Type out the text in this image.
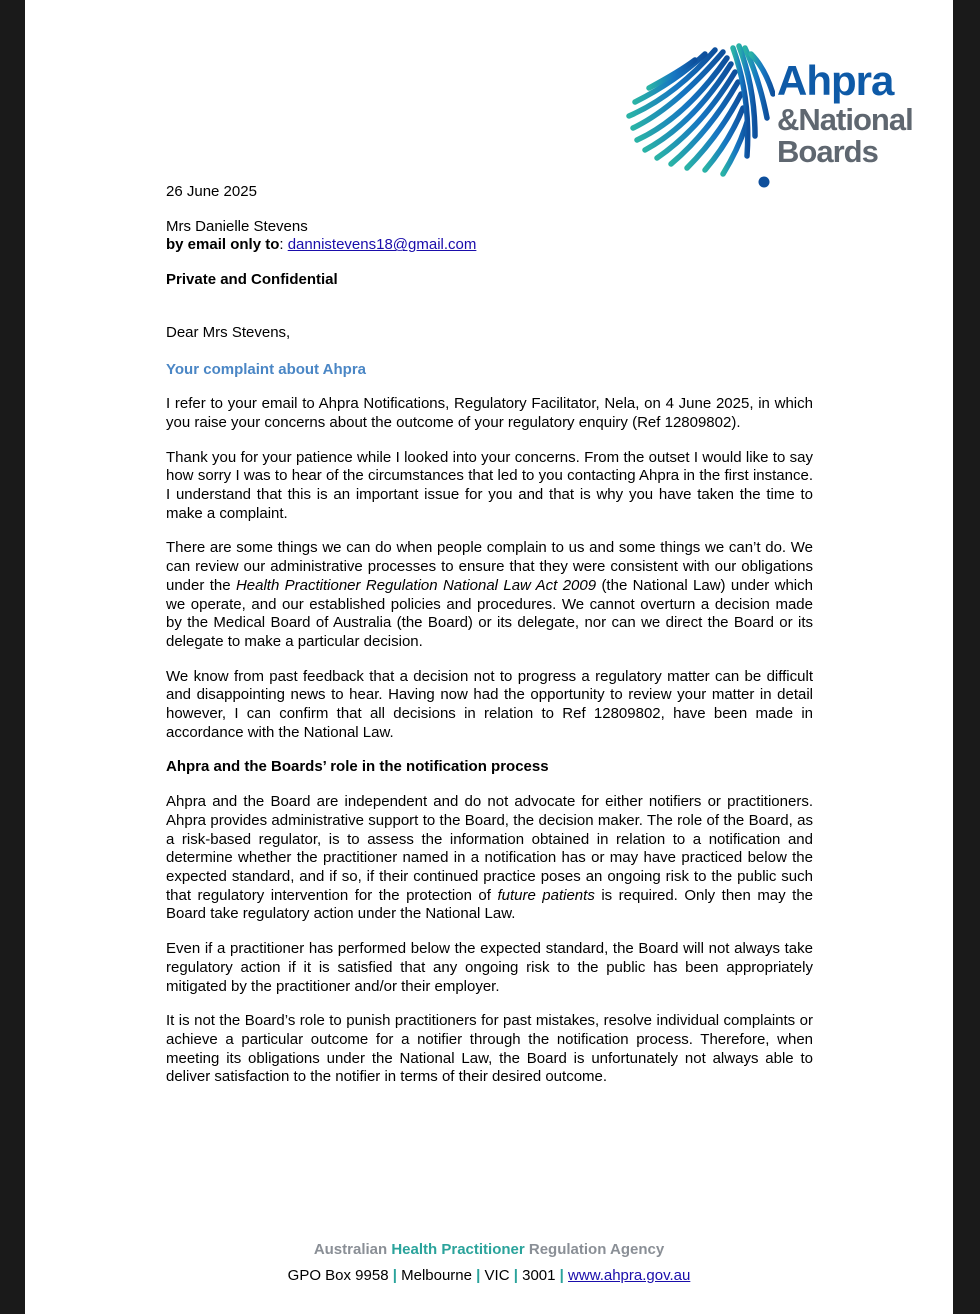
Ahpra
&National
Boards

26 June 2025

Mrs Danielle Stevens

by email only to: dannistevens18@gmail.com

Private and Confidential

Dear Mrs Stevens,

Your complaint about Ahpra

I refer to your email to Ahpra Notifications, Regulatory Facilitator, Nela, on 4 June 2025, in which you raise your concerns about the outcome of your regulatory enquiry (Ref 12809802).

Thank you for your patience while I looked into your concerns. From the outset I would like to say how sorry I was to hear of the circumstances that led to you contacting Ahpra in the first instance. I understand that this is an important issue for you and that is why you have taken the time to make a complaint.

There are some things we can do when people complain to us and some things we can’t do. We can review our administrative processes to ensure that they were consistent with our obligations under the Health Practitioner Regulation National Law Act 2009 (the National Law) under which we operate, and our established policies and procedures. We cannot overturn a decision made by the Medical Board of Australia (the Board) or its delegate, nor can we direct the Board or its delegate to make a particular decision.

We know from past feedback that a decision not to progress a regulatory matter can be difficult and disappointing news to hear. Having now had the opportunity to review your matter in detail however, I can confirm that all decisions in relation to Ref 12809802, have been made in accordance with the National Law.

Ahpra and the Boards’ role in the notification process

Ahpra and the Board are independent and do not advocate for either notifiers or practitioners. Ahpra provides administrative support to the Board, the decision maker. The role of the Board, as a risk-based regulator, is to assess the information obtained in relation to a notification and determine whether the practitioner named in a notification has or may have practiced below the expected standard, and if so, if their continued practice poses an ongoing risk to the public such that regulatory intervention for the protection of future patients is required. Only then may the Board take regulatory action under the National Law.

Even if a practitioner has performed below the expected standard, the Board will not always take regulatory action if it is satisfied that any ongoing risk to the public has been appropriately mitigated by the practitioner and/or their employer.

It is not the Board’s role to punish practitioners for past mistakes, resolve individual complaints or achieve a particular outcome for a notifier through the notification process. Therefore, when meeting its obligations under the National Law, the Board is unfortunately not always able to deliver satisfaction to the notifier in terms of their desired outcome.

Australian Health Practitioner Regulation Agency
GPO Box 9958 | Melbourne | VIC | 3001 | www.ahpra.gov.au
